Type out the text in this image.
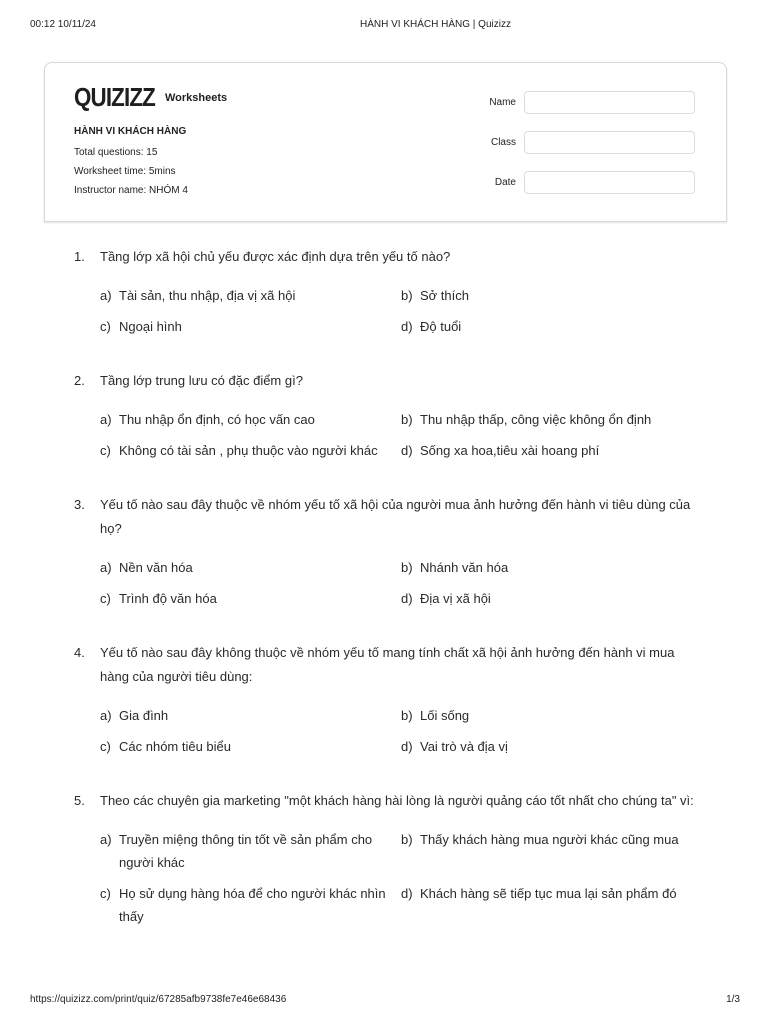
00:12 10/11/24	HÀNH VI KHÁCH HÀNG | Quizizz
https://quizizz.com/print/quiz/67285afb9738fe7e46e68436	1/3
QUIZIZZ Worksheets
HÀNH VI KHÁCH HÀNG
Total questions: 15
Worksheet time: 5mins
Instructor name: NHÓM 4
Name
Class
Date
1.	Tầng lớp xã hội chủ yếu được xác định dựa trên yếu tố nào?
a) Tài sản, thu nhập, địa vị xã hội	b) Sở thích
c) Ngoại hình	d) Độ tuổi
2.	Tầng lớp trung lưu có đặc điểm gì?
a) Thu nhập ổn định, có học vấn cao	b) Thu nhập thấp, công việc không ổn định
c) Không có tài sản , phụ thuộc vào người khác	d) Sống xa hoa,tiêu xài hoang phí
3.	Yếu tố nào sau đây thuộc về nhóm yếu tố xã hội của người mua ảnh hưởng đến hành vi tiêu dùng của họ?
a) Nền văn hóa	b) Nhánh văn hóa
c) Trình độ văn hóa	d) Địa vị xã hội
4.	Yếu tố nào sau đây không thuộc về nhóm yếu tố mang tính chất xã hội ảnh hưởng đến hành vi mua hàng của người tiêu dùng:
a) Gia đình	b) Lối sống
c) Các nhóm tiêu biểu	d) Vai trò và địa vị
5.	Theo các chuyên gia marketing "một khách hàng hài lòng là người quảng cáo tốt nhất cho chúng ta" vì:
a) Truyền miệng thông tin tốt về sản phẩm cho người khác
b) Thấy khách hàng mua người khác cũng mua
c) Họ sử dụng hàng hóa để cho người khác nhìn thấy
d) Khách hàng sẽ tiếp tục mua lại sản phẩm đó
